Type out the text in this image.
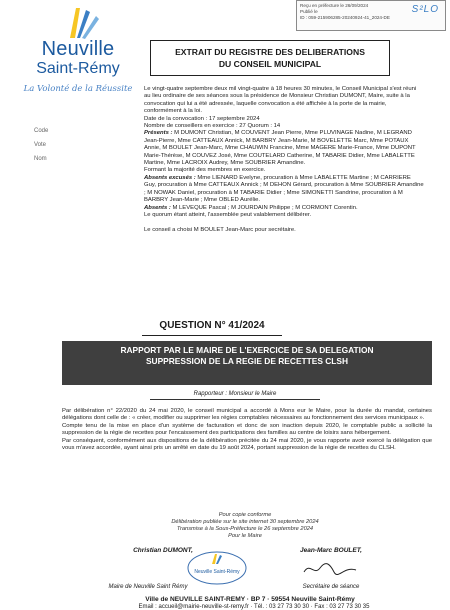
Reçu en préfecture le 26/09/2024
Publié le
ID : 059-215906285-20240924-41_2024-DE
S²LO
Neuville
Saint-Rémy
La Volonté de la Réussite
EXTRAIT DU REGISTRE DES DELIBERATIONS
DU CONSEIL MUNICIPAL
Code
Vote
Nom
Le vingt-quatre septembre deux mil vingt-quatre à 18 heures 30 minutes, le Conseil Municipal s'est réuni au lieu ordinaire de ses séances sous la présidence de Monsieur Christian DUMONT, Maire, suite à la convocation qui lui a été adressée, laquelle convocation a été affichée à la porte de la mairie, conformément à la loi.
Date de la convocation : 17 septembre 2024
Nombre de conseillers en exercice : 27 Quorum : 14
Présents : M DUMONT Christian, M COUVENT Jean Pierre, Mme PLUVINAGE Nadine, M LEGRAND Jean-Pierre, Mme CATTEAUX Annick, M BARBRY Jean-Marie, M BOVELETTE Marc, Mme POTAUX Annie, M BOULET Jean-Marc, Mme CHAUWIN Francine, Mme MAGERE Marie-France, Mme DUPONT Marie-Thérèse, M COUVEZ José, Mme COUTELARD Catherine, M TABARIE Didier, Mme LABALETTE Martine, Mme LACROIX Audrey, Mme SOUBRIER Amandine.
Formant la majorité des membres en exercice.
Absents excusés : Mme LIENARD Evelyne, procuration à Mme LABALETTE Martine ; M CARRIERE Guy, procuration à Mme CATTEAUX Annick ; M DEHON Gérard, procuration à Mme SOUBRIER Amandine ; M NOWAK Daniel, procuration à M TABARIE Didier ; Mme SIMONETTI Sandrine, procuration à M BARBRY Jean-Marie ; Mme OBLED Aurélie.
Absents : M LEVEQUE Pascal ; M JOURDAIN Philippe ; M CORMONT Corentin.
Le quorum étant atteint, l'assemblée peut valablement délibérer.
Le conseil a choisi M BOULET Jean-Marc pour secrétaire.
QUESTION N° 41/2024
RAPPORT PAR LE MAIRE DE L'EXERCICE DE SA DELEGATION
SUPPRESSION DE LA REGIE DE RECETTES CLSH
Rapporteur : Monsieur le Maire
Par délibération n° 22/2020 du 24 mai 2020, le conseil municipal a accordé à Mons eur le Maire, pour la durée du mandat, certaines délégations dont celle de : « créer, modifier ou supprimer les régies comptables nécessaires au fonctionnement des services municipaux ».
Compte tenu de la mise en place d'un système de facturation et donc de son inaction depuis 2020, le comptable public a sollicité la suppression de la régie de recettes pour l'encaissement des participations des familles au centre de loisirs sans hébergement.
Par conséquent, conformément aux dispositions de la délibération précitée du 24 mai 2020, je vous rapporte avoir exercé la délégation que vous m'avez accordée, ayant ainsi pris un arrêté en date du 19 août 2024, portant suppression de la régie de recettes du CLSH.
Pour copie conforme
Délibération publiée sur le site internet 30 septembre 2024
Transmise à la Sous-Préfecture le 26 septembre 2024
Pour le Maire
Christian DUMONT,	Jean-Marc BOULET,
Neuville Saint-Rémy
Maire de Neuville Saint Rémy	Secrétaire de séance
Ville de NEUVILLE SAINT-REMY · BP 7 · 59554 Neuville Saint-Rémy
Email : accueil@mairie-neuville-st-remy.fr · Tél. : 03 27 73 30 30 · Fax : 03 27 73 30 35
